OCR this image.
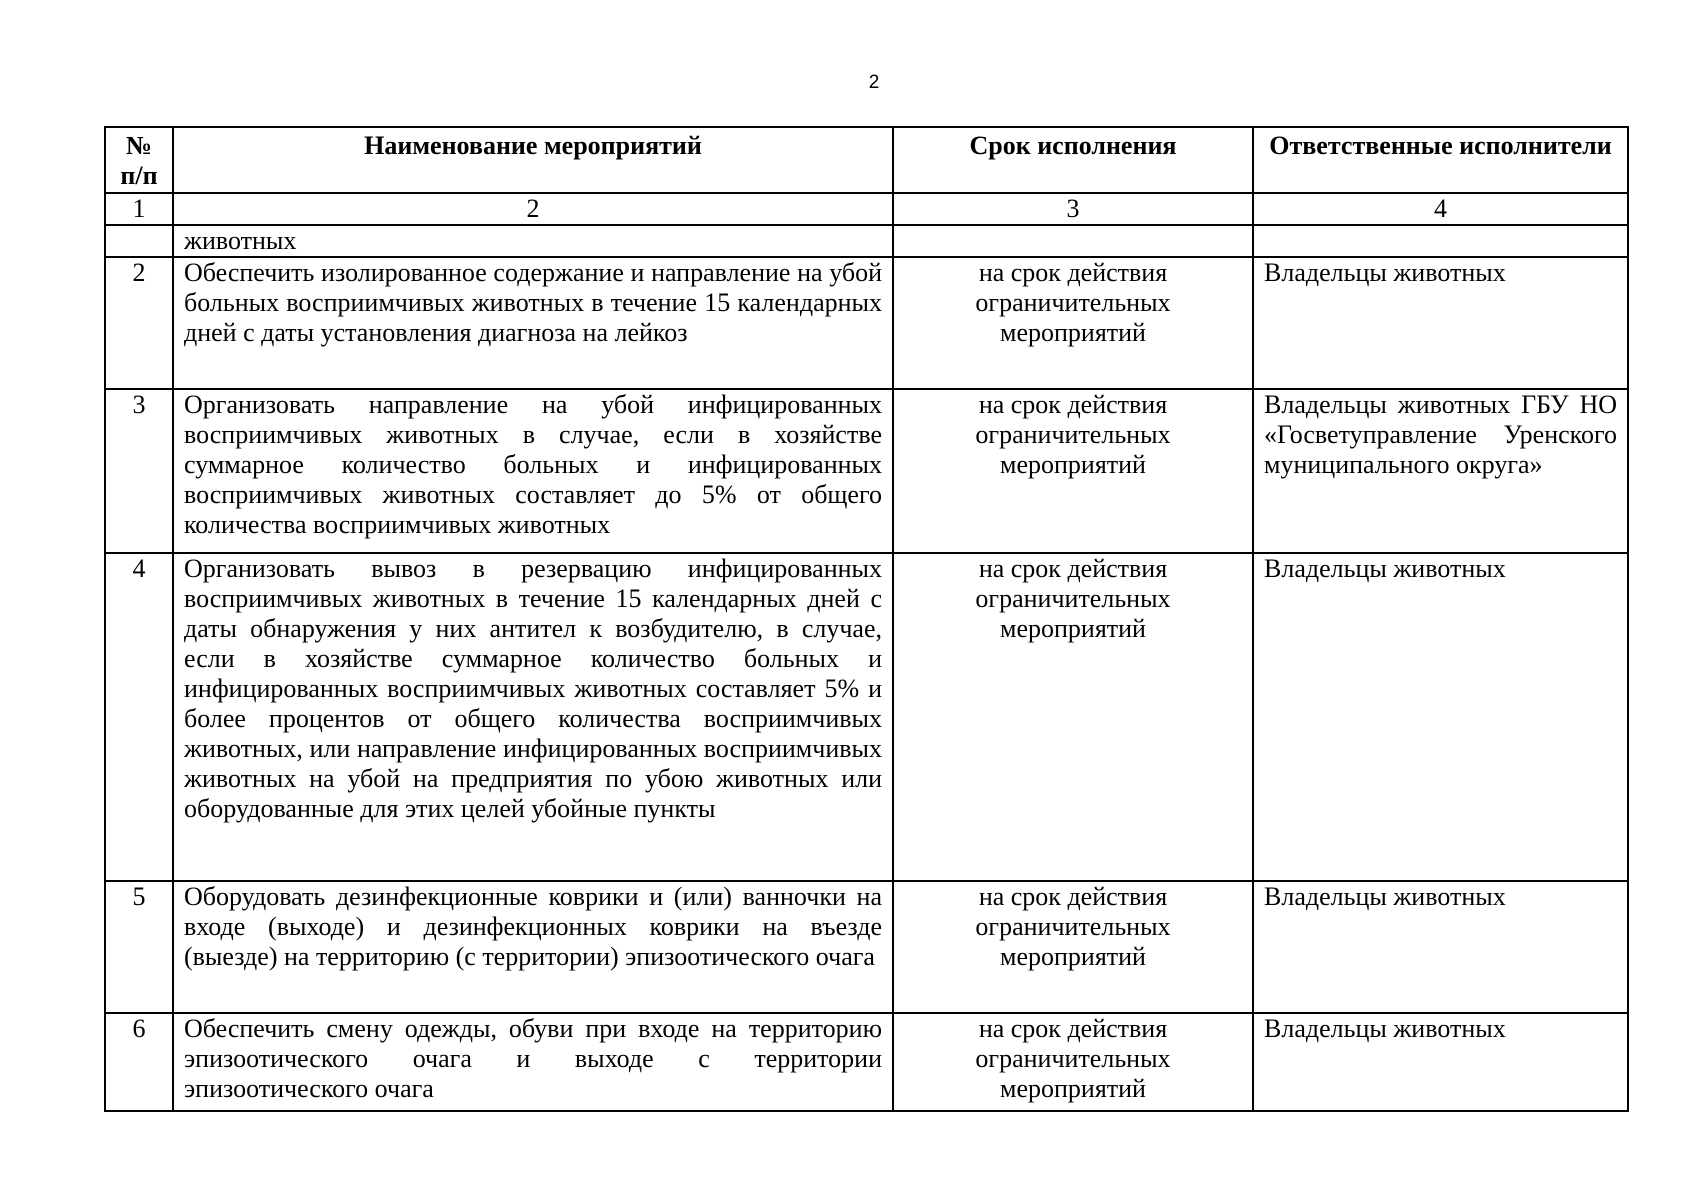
2
№ п/п	Наименование мероприятий	Срок исполнения	Ответственные исполнители
1	2	3	4
	животных		
2	Обеспечить изолированное содержание и направление на убой больных восприимчивых животных в течение 15 календарных дней с даты установления диагноза на лейкоз	на срок действия ограничительных мероприятий	Владельцы животных
3	Организовать направление на убой инфицированных восприимчивых животных в случае, если в хозяйстве суммарное количество больных и инфицированных восприимчивых животных составляет до 5% от общего количества восприимчивых животных	на срок действия ограничительных мероприятий	Владельцы животных ГБУ НО «Госветуправление Уренского муниципального округа»
4	Организовать вывоз в резервацию инфицированных восприимчивых животных в течение 15 календарных дней с даты обнаружения у них антител к возбудителю, в случае, если в хозяйстве суммарное количество больных и инфицированных восприимчивых животных составляет 5% и более процентов от общего количества восприимчивых животных, или направление инфицированных восприимчивых животных на убой на предприятия по убою животных или оборудованные для этих целей убойные пункты	на срок действия ограничительных мероприятий	Владельцы животных
5	Оборудовать дезинфекционные коврики и (или) ванночки на входе (выходе) и дезинфекционных коврики на въезде (выезде) на территорию (с территории) эпизоотического очага	на срок действия ограничительных мероприятий	Владельцы животных
6	Обеспечить смену одежды, обуви при входе на территорию эпизоотического очага и выходе с территории эпизоотического очага	на срок действия ограничительных мероприятий	Владельцы животных
